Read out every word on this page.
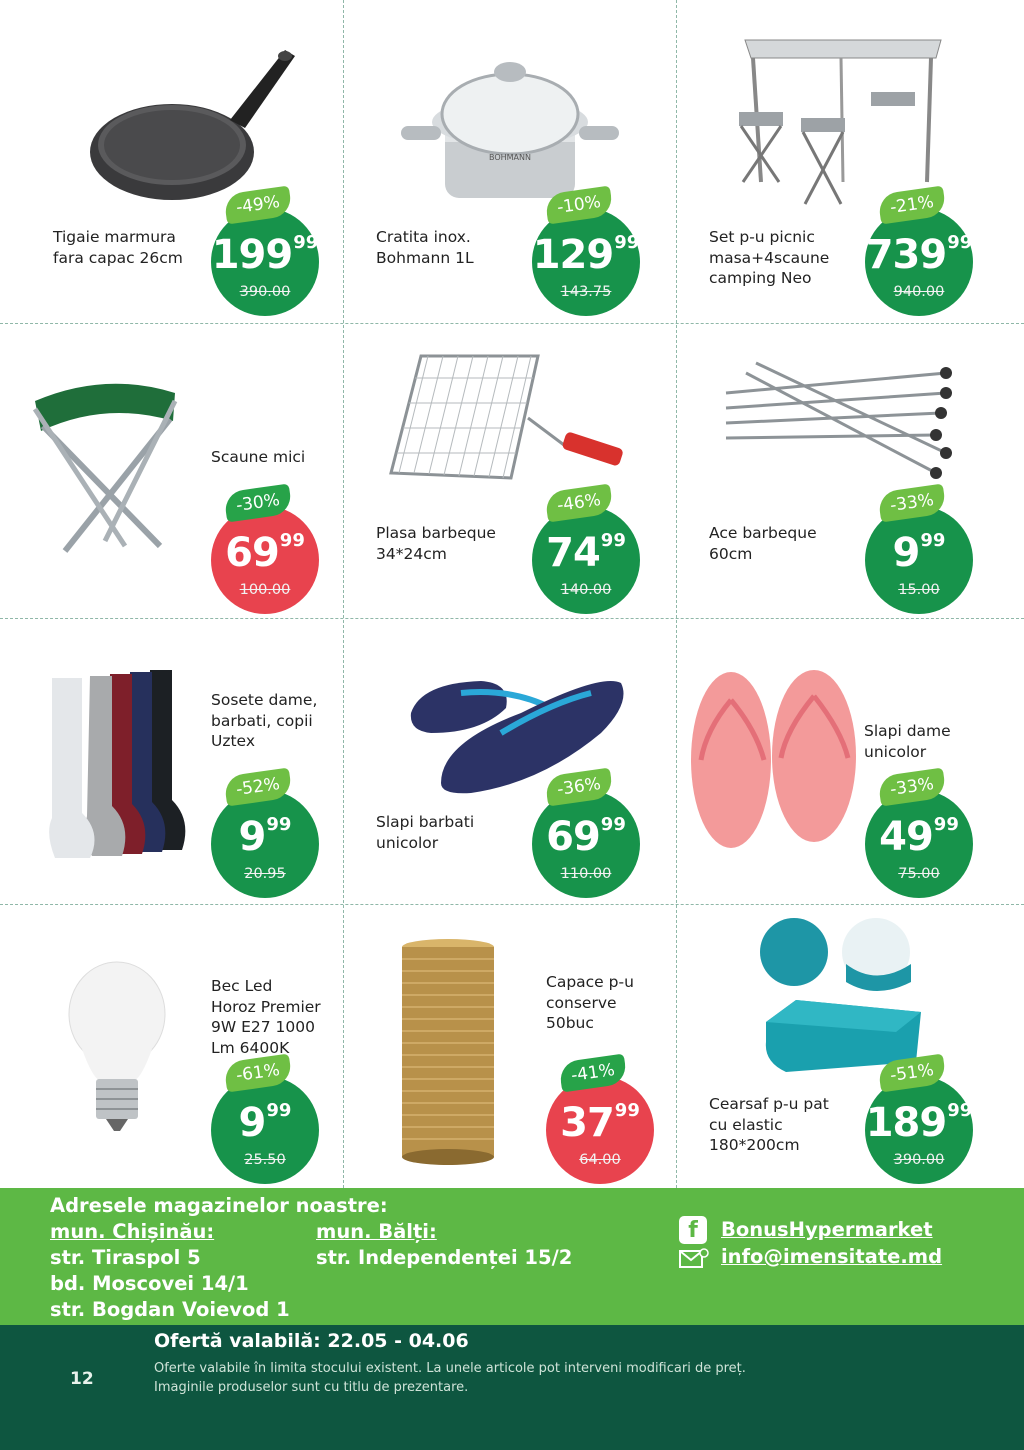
Tigaie marmura
fara capac 26cm
-49%
19999
390.00
BOHMANN
Cratita inox.
Bohmann 1L
-10%
12999
143.75
Set p-u picnic
masa+4scaune
camping Neo
-21%
73999
940.00
Scaune mici
-30%
6999
100.00
Plasa barbeque
34*24cm
-46%
7499
140.00
Ace barbeque
60cm
-33%
999
15.00
Sosete dame,
barbati, copii
Uztex
-52%
999
20.95
Slapi barbati
unicolor
-36%
6999
110.00
Slapi dame
unicolor
-33%
4999
75.00
Bec Led
Horoz Premier
9W E27 1000
Lm 6400K
-61%
999
25.50
Capace p-u
conserve
50buc
-41%
3799
64.00
Cearsaf p-u pat
cu elastic
180*200cm
-51%
18999
390.00
Adresele magazinelor noastre:
mun. Chișinău:
str. Tiraspol 5
bd. Moscovei 14/1
str. Bogdan Voievod 1
mun. Bălți:
str. Independenței 15/2
f	BonusHypermarket
info@imensitate.md
Ofertă valabilă: 22.05 - 04.06
Oferte valabile în limita stocului existent. La unele articole pot interveni modificari de preț.
Imaginile produselor sunt cu titlu de prezentare.
12
